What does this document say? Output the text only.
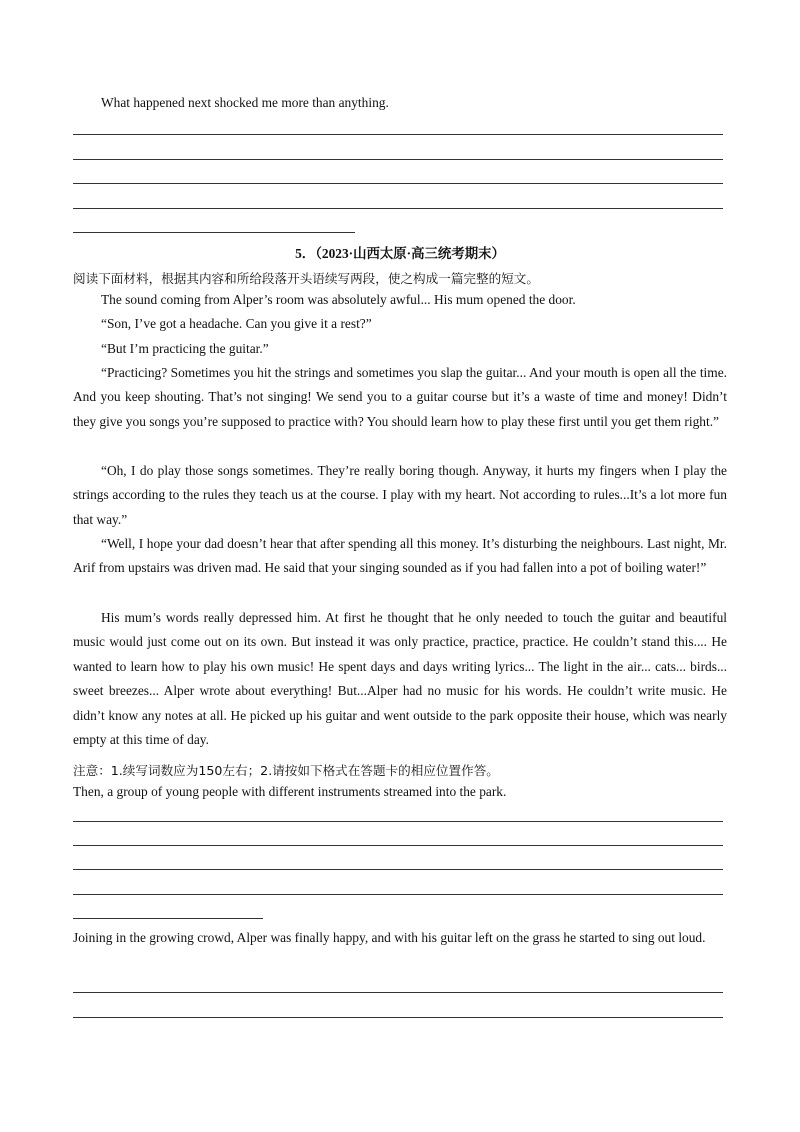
What happened next shocked me more than anything.
5．（2023·山西太原·高三统考期末）
阅读下面材料，根据其内容和所给段落开头语续写两段，使之构成一篇完整的短文。
The sound coming from Alper’s room was absolutely awful... His mum opened the door.
“Son, I’ve got a headache. Can you give it a rest?”
“But I’m practicing the guitar.”
“Practicing? Sometimes you hit the strings and sometimes you slap the guitar... And your mouth is open all the time. And you keep shouting. That’s not singing! We send you to a guitar course but it’s a waste of time and money! Didn’t they give you songs you’re supposed to practice with? You should learn how to play these first until you get them right.”
“Oh, I do play those songs sometimes. They’re really boring though. Anyway, it hurts my fingers when I play the strings according to the rules they teach us at the course. I play with my heart. Not according to rules...It’s a lot more fun that way.”
“Well, I hope your dad doesn’t hear that after spending all this money. It’s disturbing the neighbours. Last night, Mr. Arif from upstairs was driven mad. He said that your singing sounded as if you had fallen into a pot of boiling water!”
His mum’s words really depressed him. At first he thought that he only needed to touch the guitar and beautiful music would just come out on its own. But instead it was only practice, practice, practice. He couldn’t stand this.... He wanted to learn how to play his own music! He spent days and days writing lyrics... The light in the air... cats... birds... sweet breezes... Alper wrote about everything! But...Alper had no music for his words. He couldn’t write music. He didn’t know any notes at all. He picked up his guitar and went outside to the park opposite their house, which was nearly empty at this time of day.
注意：1.续写词数应为150左右；2.请按如下格式在答题卡的相应位置作答。
Then, a group of young people with different instruments streamed into the park.
Joining in the growing crowd, Alper was finally happy, and with his guitar left on the grass he started to sing out loud.
